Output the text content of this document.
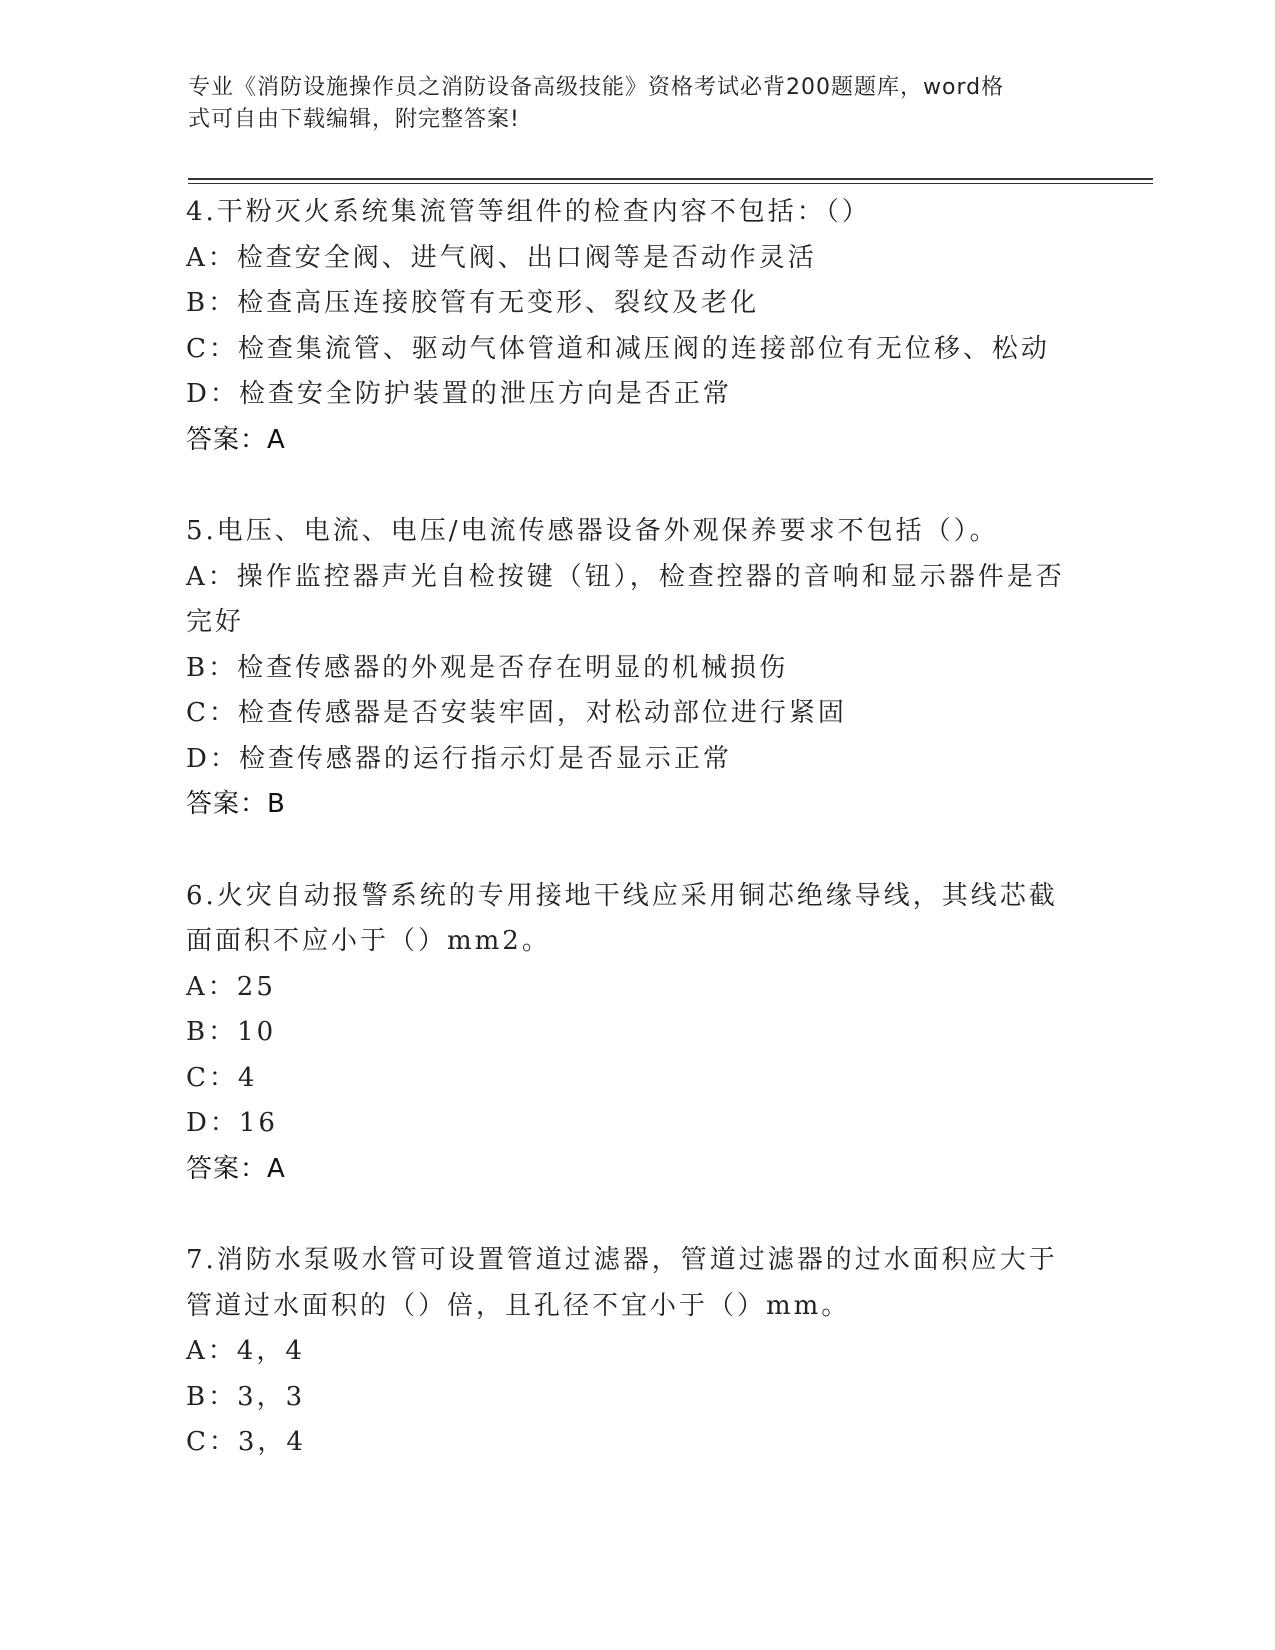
专业《消防设施操作员之消防设备高级技能》资格考试必背200题题库，word格
式可自由下载编辑，附完整答案!
4.干粉灭火系统集流管等组件的检查内容不包括：（）
A：检查安全阀、进气阀、出口阀等是否动作灵活
B：检查高压连接胶管有无变形、裂纹及老化
C：检查集流管、驱动气体管道和减压阀的连接部位有无位移、松动
D：检查安全防护装置的泄压方向是否正常
答案：A
5.电压、电流、电压/电流传感器设备外观保养要求不包括（）。
A：操作监控器声光自检按键（钮），检查控器的音响和显示器件是否
完好
B：检查传感器的外观是否存在明显的机械损伤
C：检查传感器是否安装牢固，对松动部位进行紧固
D：检查传感器的运行指示灯是否显示正常
答案：B
6.火灾自动报警系统的专用接地干线应采用铜芯绝缘导线，其线芯截
面面积不应小于（）mm2。
A：25
B：10
C：4
D：16
答案：A
7.消防水泵吸水管可设置管道过滤器，管道过滤器的过水面积应大于
管道过水面积的（）倍，且孔径不宜小于（）mm。
A：4，4
B：3，3
C：3，4
